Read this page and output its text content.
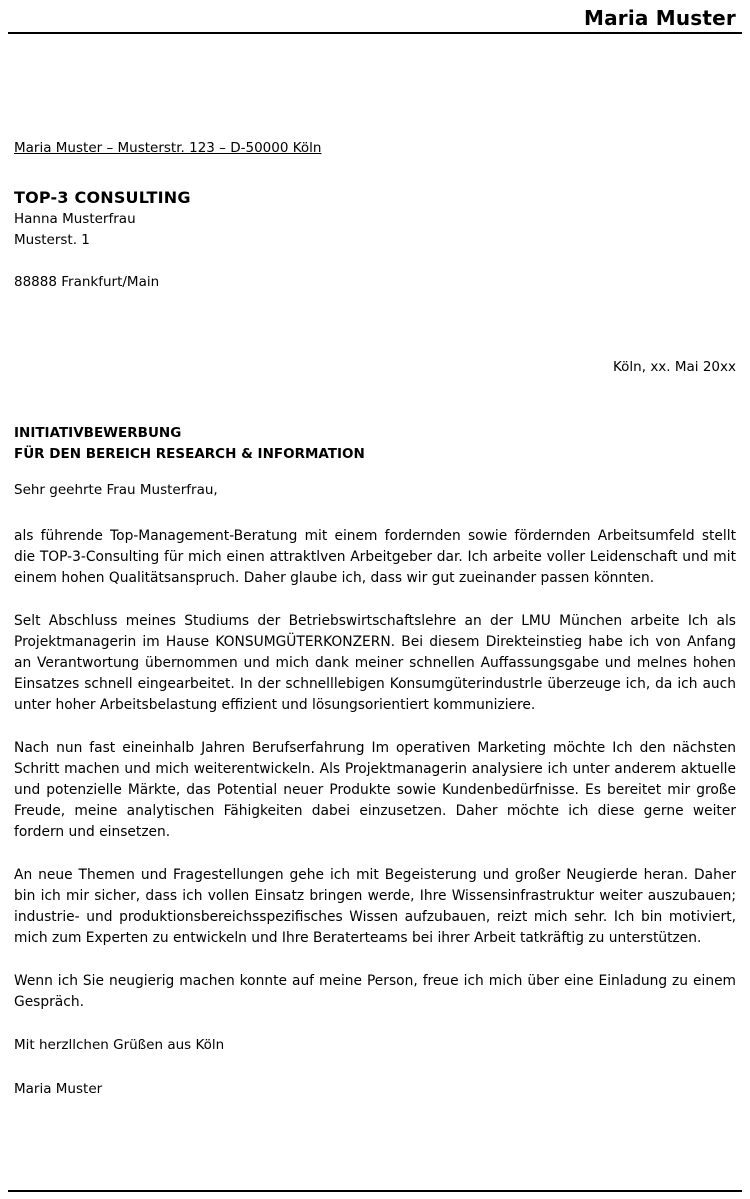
Maria Muster
Maria Muster – Musterstr. 123 – D-50000 Köln
TOP-3 CONSULTING
Hanna Musterfrau
Musterst. 1
88888 Frankfurt/Main
Köln, xx. Mai 20xx
INITIATIVBEWERBUNG
FÜR DEN BEREICH RESEARCH & INFORMATION
Sehr geehrte Frau Musterfrau,

als führende Top-Management-Beratung mit einem fordernden sowie fördernden Arbeitsumfeld stellt die TOP-3-Consulting für mich einen attraktlven Arbeitgeber dar. Ich arbeite voller Leidenschaft und mit einem hohen Qualitätsanspruch. Daher glaube ich, dass wir gut zueinander passen könnten.

Selt Abschluss meines Studiums der Betriebswirtschaftslehre an der LMU München arbeite Ich als Projektmanagerin im Hause KONSUMGÜTERKONZERN. Bei diesem Direkteinstieg habe ich von Anfang an Verantwortung übernommen und mich dank meiner schnellen Auffassungsgabe und melnes hohen Einsatzes schnell eingearbeitet. In der schnelllebigen Konsumgüterindustrle überzeuge ich, da ich auch unter hoher Arbeitsbelastung effizient und lösungsorientiert kommuniziere.

Nach nun fast eineinhalb Jahren Berufserfahrung Im operativen Marketing möchte Ich den nächsten Schritt machen und mich weiterentwickeln. Als Projektmanagerin analysiere ich unter anderem aktuelle und potenzielle Märkte, das Potential neuer Produkte sowie Kundenbedürfnisse. Es bereitet mir große Freude, meine analytischen Fähigkeiten dabei einzusetzen. Daher möchte ich diese gerne weiter fordern und einsetzen.

An neue Themen und Fragestellungen gehe ich mit Begeisterung und großer Neugierde heran. Daher bin ich mir sicher, dass ich vollen Einsatz bringen werde, Ihre Wissensinfrastruktur weiter auszubauen; industrie- und produktionsbereichsspezifisches Wissen aufzubauen, reizt mich sehr. Ich bin motiviert, mich zum Experten zu entwickeln und Ihre Beraterteams bei ihrer Arbeit tatkräftig zu unterstützen.

Wenn ich Sie neugierig machen konnte auf meine Person, freue ich mich über eine Einladung zu einem Gespräch.

Mit herzllchen Grüßen aus Köln
Maria Muster
